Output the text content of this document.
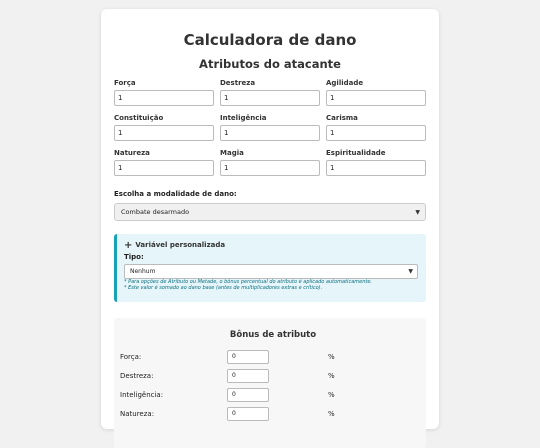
Calculadora de dano
Atributos do atacante
Força
1
Destreza
1
Agilidade
1
Constituição
1
Inteligência
1
Carisma
1
Natureza
1
Magia
1
Espiritualidade
1
Escolha a modalidade de dano:
Combate desarmado	▼
+ Variável personalizada
Tipo:
Nenhum	▼
* Para opções de Atributo ou Metade, o bônus percentual do atributo é aplicado automaticamente.
* Este valor é somado ao dano base (antes de multiplicadores extras e crítico).
Bônus de atributo
Força:	0	%
Destreza:	0	%
Inteligência:	0	%
Natureza:	0	%
